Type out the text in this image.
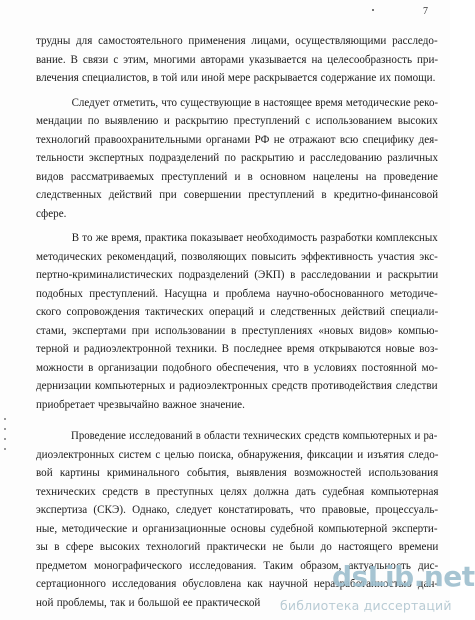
7
трудны для самостоятельного применения лицами, осуществляющими расследо-
вание. В связи с этим, многими авторами указывается на целесообразность при-
влечения специалистов, в той или иной мере раскрывается содержание их помощи.
Следует отметить, что существующие в настоящее время методические реко-
мендации по выявлению и раскрытию преступлений с использованием высоких
технологий правоохранительными органами РФ не отражают всю специфику дея-
тельности экспертных подразделений по раскрытию и расследованию различных
видов рассматриваемых преступлений и в основном нацелены на проведение
следственных действий при совершении преступлений в кредитно-финансовой
сфере.
В то же время, практика показывает необходимость разработки комплексных
методических рекомендаций, позволяющих повысить эффективность участия экс-
пертно-криминалистических подразделений (ЭКП) в расследовании и раскрытии
подобных преступлений. Насущна и проблема научно-обоснованного методиче-
ского сопровождения тактических операций и следственных действий специали-
стами, экспертами при использовании в преступлениях «новых видов» компью-
терной и радиоэлектронной техники. В последнее время открываются новые воз-
можности в организации подобного обеспечения, что в условиях постоянной мо-
дернизации компьютерных и радиоэлектронных средств противодействия следстви
приобретает чрезвычайно важное значение.
Проведение исследований в области технических средств компьютерных и ра-
диоэлектронных систем с целью поиска, обнаружения, фиксации и изъятия следо-
вой картины криминального события, выявления возможностей использования
технических средств в преступных целях должна дать судебная компьютерная
экспертиза (СКЭ). Однако, следует констатировать, что правовые, процессуаль-
ные, методические и организационные основы судебной компьютерной эксперти-
зы в сфере высоких технологий практически не были до настоящего времени
предметом монографического исследования. Таким образом, актуальность дис-
сертационного исследования обусловлена как научной неразработанностью дан-
ной проблемы, так и большой ее практической
dsLib.net
библиотека диссертаций
